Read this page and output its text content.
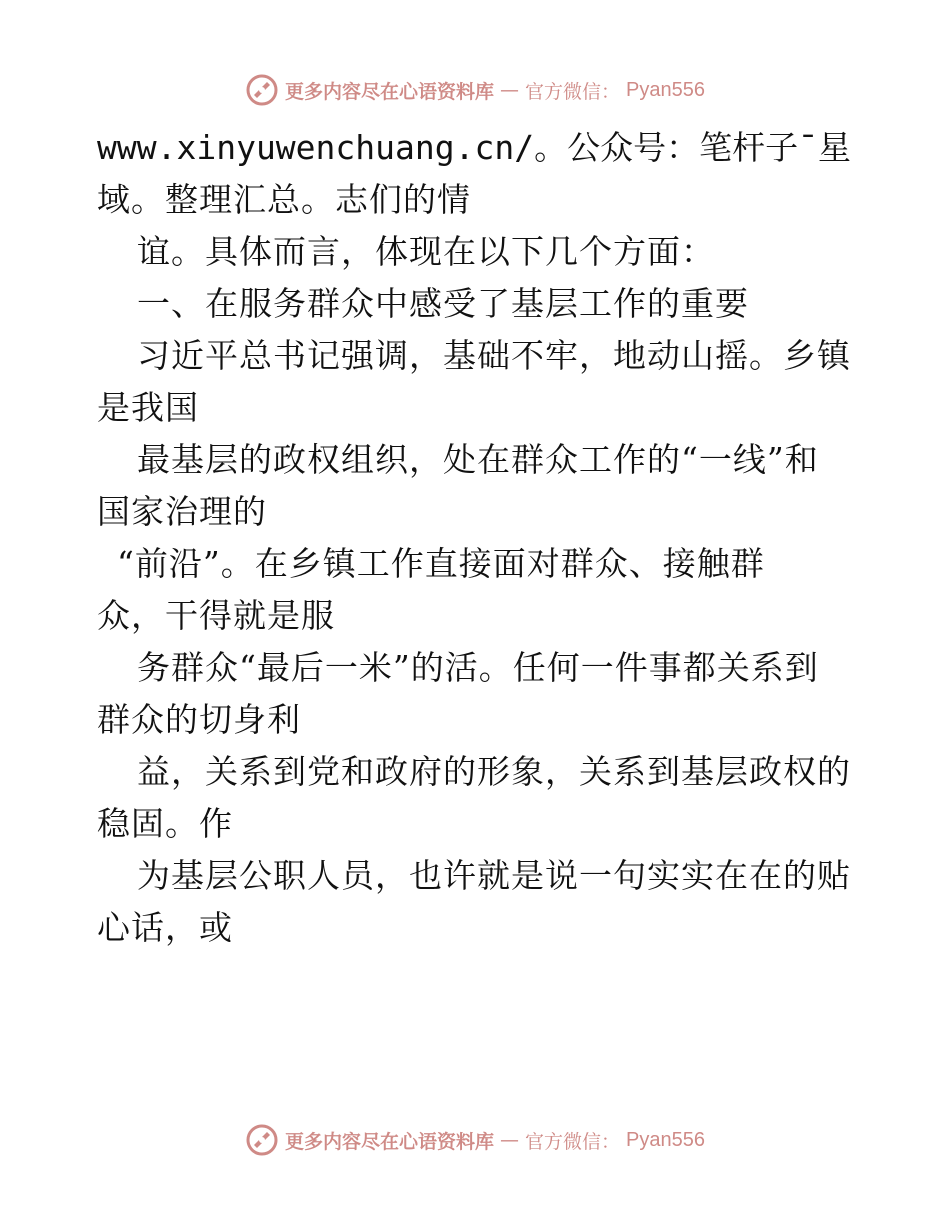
更多内容尽在心语资料库 — 官方微信： Pyan556
www.xinyuwenchuang.cn/。公众号：笔杆子¯星
域。整理汇总。志们的情
谊。具体而言，体现在以下几个方面：
一、在服务群众中感受了基层工作的重要
习近平总书记强调，基础不牢，地动山摇。乡镇
是我国
最基层的政权组织，处在群众工作的“一线”和
国家治理的
“前沿”。在乡镇工作直接面对群众、接触群
众，干得就是服
务群众“最后一米”的活。任何一件事都关系到
群众的切身利
益，关系到党和政府的形象，关系到基层政权的
稳固。作
为基层公职人员，也许就是说一句实实在在的贴
心话，或
更多内容尽在心语资料库 — 官方微信： Pyan556
